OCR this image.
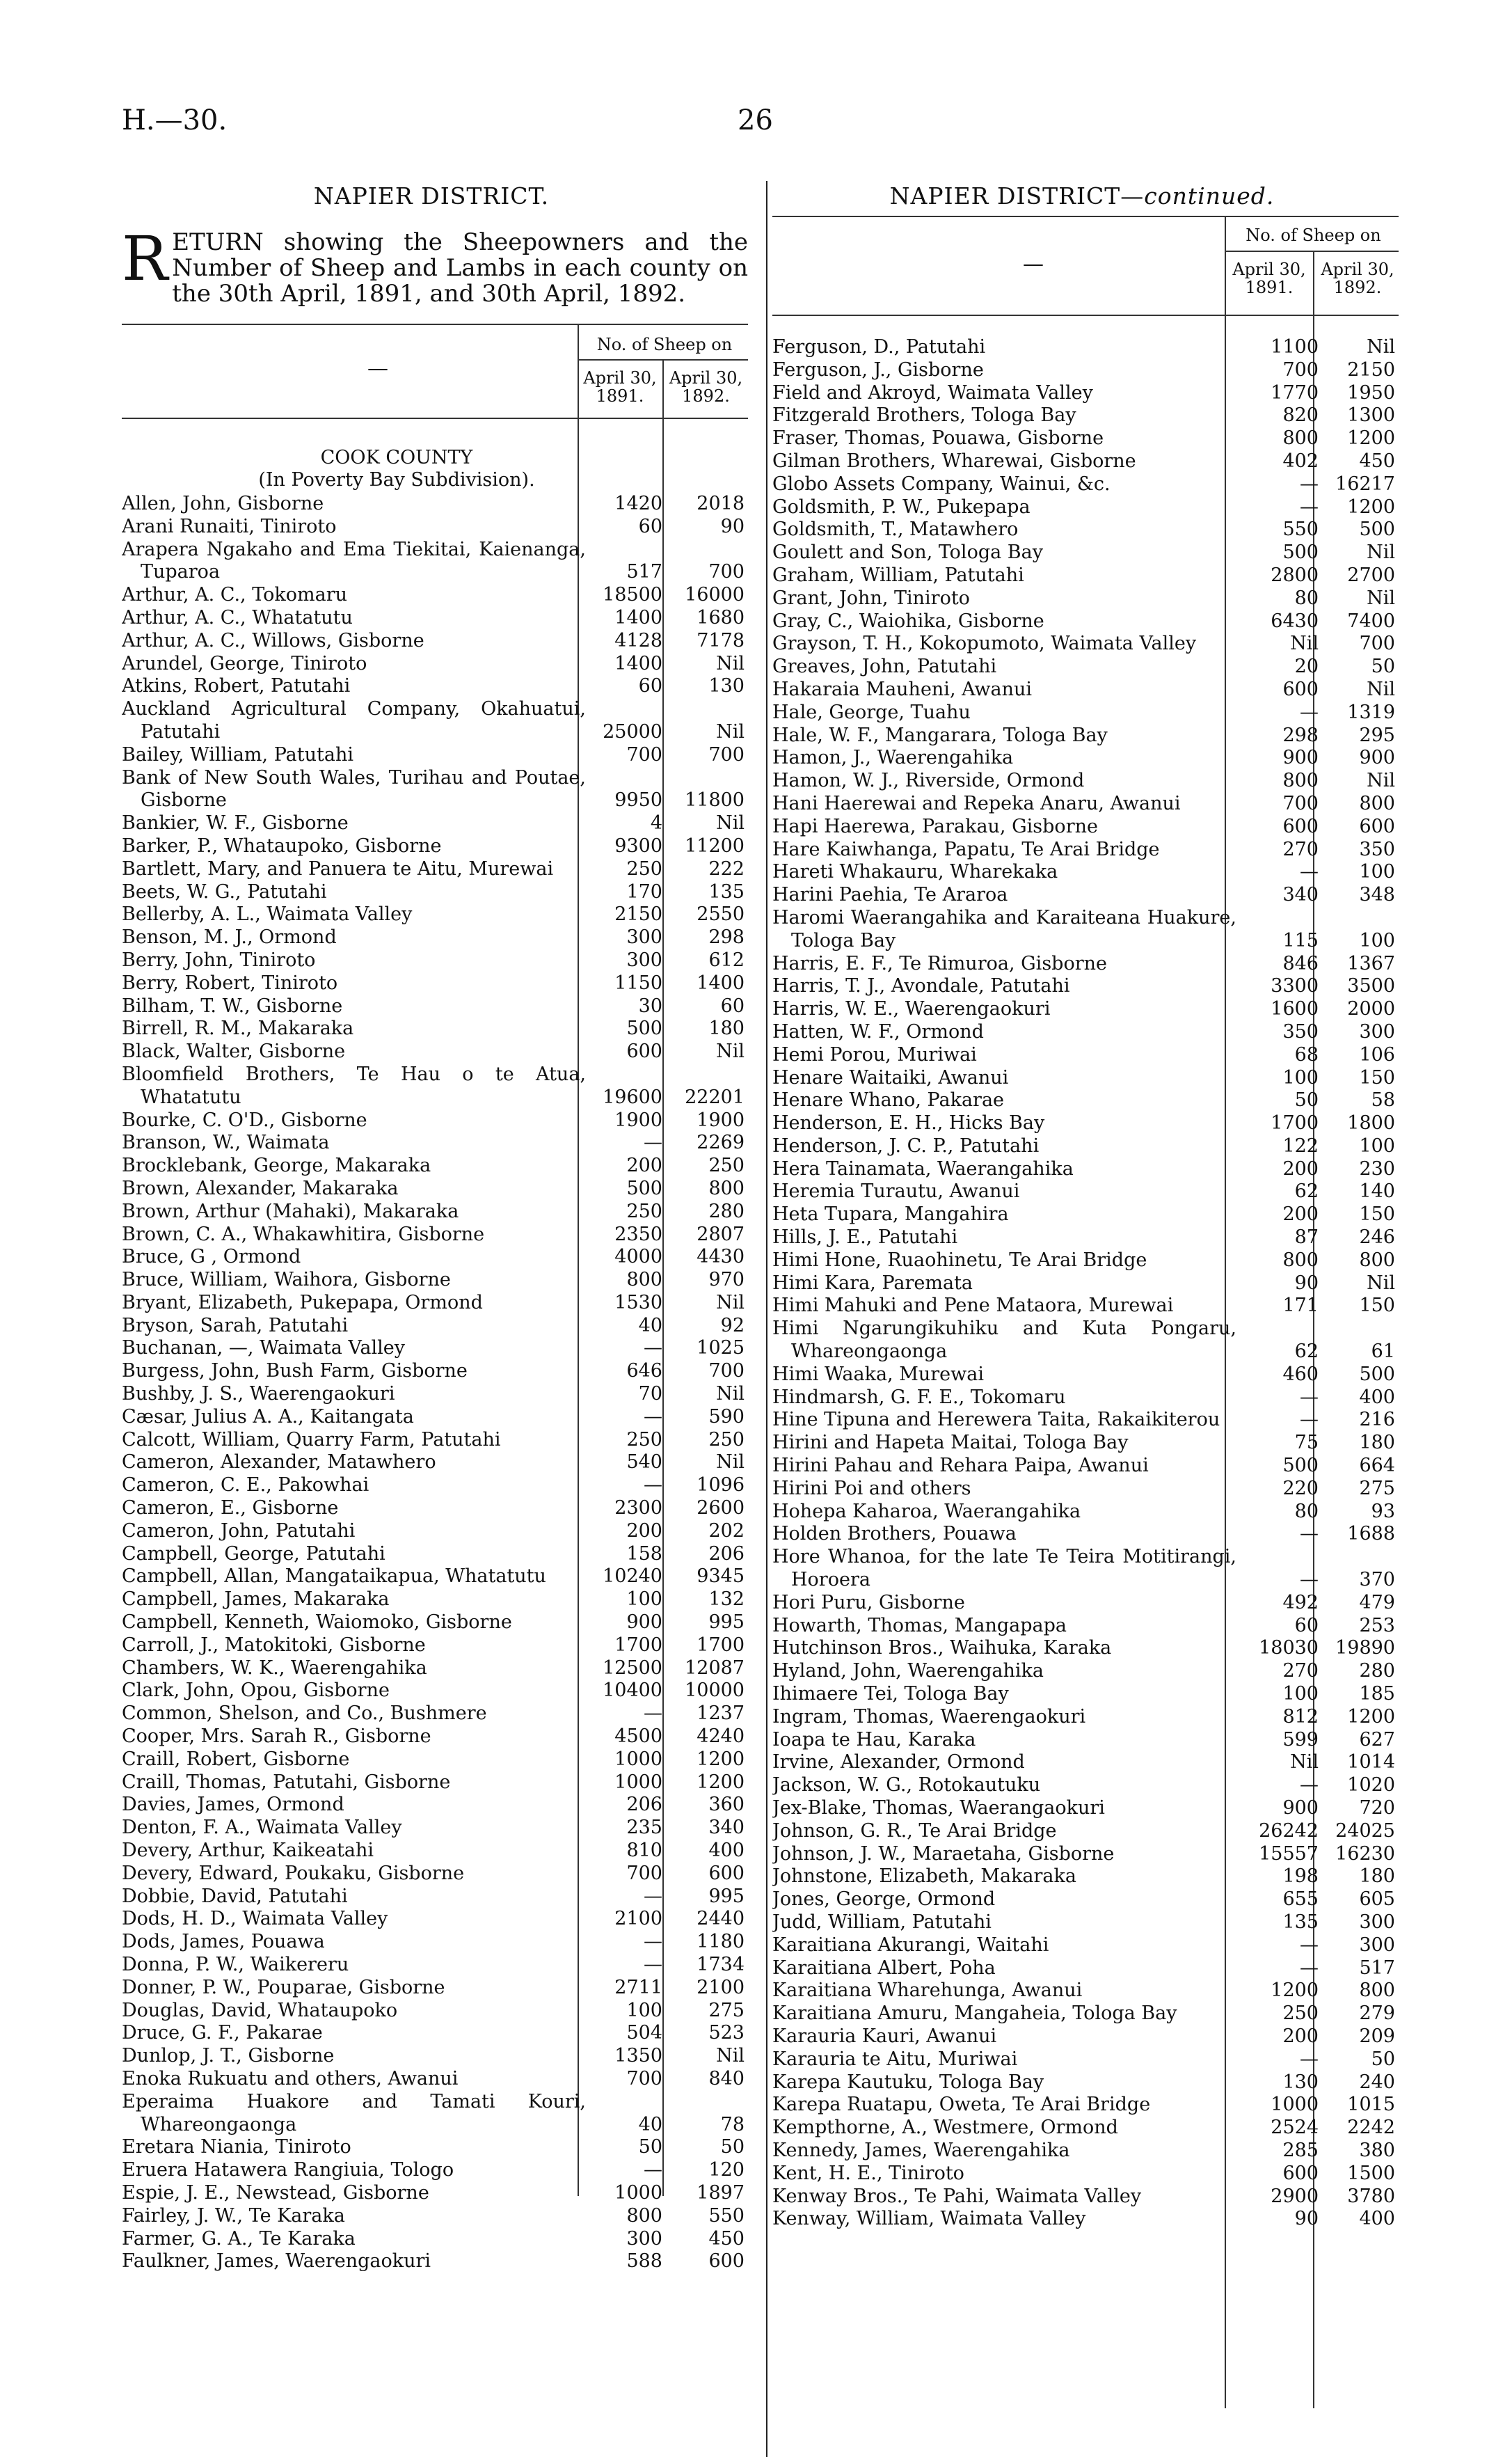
H.—30.	26
NAPIER DISTRICT.
RETURN showing the Sheepowners and the Number of Sheep and Lambs in each county on the 30th April, 1891, and 30th April, 1892.
—
No. of Sheep on
April 30, 1891.
April 30, 1892.
COOK COUNTY
(In Poverty Bay Subdivision).
Allen, John, Gisborne	1420	2018
Arani Runaiti, Tiniroto	60	90
Arapera Ngakaho and Ema Tiekitai, Kaienanga, Tuparoa	517	700
Arthur, A. C., Tokomaru	18500	16000
Arthur, A. C., Whatatutu	1400	1680
Arthur, A. C., Willows, Gisborne	4128	7178
Arundel, George, Tiniroto	1400	Nil
Atkins, Robert, Patutahi	60	130
Auckland Agricultural Company, Okahuatui, Patutahi	25000	Nil
Bailey, William, Patutahi	700	700
Bank of New South Wales, Turihau and Poutae, Gisborne	9950	11800
Bankier, W. F., Gisborne	4	Nil
Barker, P., Whataupoko, Gisborne	9300	11200
Bartlett, Mary, and Panuera te Aitu, Murewai	250	222
Beets, W. G., Patutahi	170	135
Bellerby, A. L., Waimata Valley	2150	2550
Benson, M. J., Ormond	300	298
Berry, John, Tiniroto	300	612
Berry, Robert, Tiniroto	1150	1400
Bilham, T. W., Gisborne	30	60
Birrell, R. M., Makaraka	500	180
Black, Walter, Gisborne	600	Nil
Bloomfield Brothers, Te Hau o te Atua, Whatatutu	19600	22201
Bourke, C. O'D., Gisborne	1900	1900
Branson, W., Waimata	—	2269
Brocklebank, George, Makaraka	200	250
Brown, Alexander, Makaraka	500	800
Brown, Arthur (Mahaki), Makaraka	250	280
Brown, C. A., Whakawhitira, Gisborne	2350	2807
Bruce, G , Ormond	4000	4430
Bruce, William, Waihora, Gisborne	800	970
Bryant, Elizabeth, Pukepapa, Ormond	1530	Nil
Bryson, Sarah, Patutahi	40	92
Buchanan, —, Waimata Valley	—	1025
Burgess, John, Bush Farm, Gisborne	646	700
Bushby, J. S., Waerengaokuri	70	Nil
Cæsar, Julius A. A., Kaitangata	—	590
Calcott, William, Quarry Farm, Patutahi	250	250
Cameron, Alexander, Matawhero	540	Nil
Cameron, C. E., Pakowhai	—	1096
Cameron, E., Gisborne	2300	2600
Cameron, John, Patutahi	200	202
Campbell, George, Patutahi	158	206
Campbell, Allan, Mangataikapua, Whatatutu	10240	9345
Campbell, James, Makaraka	100	132
Campbell, Kenneth, Waiomoko, Gisborne	900	995
Carroll, J., Matokitoki, Gisborne	1700	1700
Chambers, W. K., Waerengahika	12500	12087
Clark, John, Opou, Gisborne	10400	10000
Common, Shelson, and Co., Bushmere	—	1237
Cooper, Mrs. Sarah R., Gisborne	4500	4240
Craill, Robert, Gisborne	1000	1200
Craill, Thomas, Patutahi, Gisborne	1000	1200
Davies, James, Ormond	206	360
Denton, F. A., Waimata Valley	235	340
Devery, Arthur, Kaikeatahi	810	400
Devery, Edward, Poukaku, Gisborne	700	600
Dobbie, David, Patutahi	—	995
Dods, H. D., Waimata Valley	2100	2440
Dods, James, Pouawa	—	1180
Donna, P. W., Waikereru	—	1734
Donner, P. W., Pouparae, Gisborne	2711	2100
Douglas, David, Whataupoko	100	275
Druce, G. F., Pakarae	504	523
Dunlop, J. T., Gisborne	1350	Nil
Enoka Rukuatu and others, Awanui	700	840
Eperaima Huakore and Tamati Kouri, Whareongaonga	40	78
Eretara Niania, Tiniroto	50	50
Eruera Hatawera Rangiuia, Tologo	—	120
Espie, J. E., Newstead, Gisborne	1000	1897
Fairley, J. W., Te Karaka	800	550
Farmer, G. A., Te Karaka	300	450
Faulkner, James, Waerengaokuri	588	600
NAPIER DISTRICT—continued.
—
No. of Sheep on
April 30, 1891.
April 30, 1892.
Ferguson, D., Patutahi	1100	Nil
Ferguson, J., Gisborne	700	2150
Field and Akroyd, Waimata Valley	1770	1950
Fitzgerald Brothers, Tologa Bay	820	1300
Fraser, Thomas, Pouawa, Gisborne	800	1200
Gilman Brothers, Wharewai, Gisborne	402	450
Globo Assets Company, Wainui, &c.	— 16217
Goldsmith, P. W., Pukepapa	—	1200
Goldsmith, T., Matawhero	550	500
Goulett and Son, Tologa Bay	500	Nil
Graham, William, Patutahi	2800	2700
Grant, John, Tiniroto	80	Nil
Gray, C., Waiohika, Gisborne	6430	7400
Grayson, T. H., Kokopumoto, Waimata Valley	Nil	700
Greaves, John, Patutahi	20	50
Hakaraia Mauheni, Awanui	600	Nil
Hale, George, Tuahu	—	1319
Hale, W. F., Mangarara, Tologa Bay	298	295
Hamon, J., Waerengahika	900	900
Hamon, W. J., Riverside, Ormond	800	Nil
Hani Haerewai and Repeka Anaru, Awanui	700	800
Hapi Haerewa, Parakau, Gisborne	600	600
Hare Kaiwhanga, Papatu, Te Arai Bridge	270	350
Hareti Whakauru, Wharekaka	—	100
Harini Paehia, Te Araroa	340	348
Haromi Waerangahika and Karaiteana Huakure, Tologa Bay	115	100
Harris, E. F., Te Rimuroa, Gisborne	846	1367
Harris, T. J., Avondale, Patutahi	3300	3500
Harris, W. E., Waerengaokuri	1600	2000
Hatten, W. F., Ormond	350	300
Hemi Porou, Muriwai	68	106
Henare Waitaiki, Awanui	100	150
Henare Whano, Pakarae	50	58
Henderson, E. H., Hicks Bay	1700	1800
Henderson, J. C. P., Patutahi	122	100
Hera Tainamata, Waerangahika	200	230
Heremia Turautu, Awanui	62	140
Heta Tupara, Mangahira	200	150
Hills, J. E., Patutahi	87	246
Himi Hone, Ruaohinetu, Te Arai Bridge	800	800
Himi Kara, Paremata	90	Nil
Himi Mahuki and Pene Mataora, Murewai	171	150
Himi Ngarungikuhiku and Kuta Pongaru, Whareongaonga	62	61
Himi Waaka, Murewai	460	500
Hindmarsh, G. F. E., Tokomaru	—	400
Hine Tipuna and Herewera Taita, Rakaikiterou	—	216
Hirini and Hapeta Maitai, Tologa Bay	75	180
Hirini Pahau and Rehara Paipa, Awanui	500	664
Hirini Poi and others	220	275
Hohepa Kaharoa, Waerangahika	80	93
Holden Brothers, Pouawa	—	1688
Hore Whanoa, for the late Te Teira Motitirangi, Horoera	—	370
Hori Puru, Gisborne	492	479
Howarth, Thomas, Mangapapa	60	253
Hutchinson Bros., Waihuka, Karaka	18030 19890
Hyland, John, Waerengahika	270	280
Ihimaere Tei, Tologa Bay	100	185
Ingram, Thomas, Waerengaokuri	812	1200
Ioapa te Hau, Karaka	599	627
Irvine, Alexander, Ormond	Nil	1014
Jackson, W. G., Rotokautuku	—	1020
Jex-Blake, Thomas, Waerangaokuri	900	720
Johnson, G. R., Te Arai Bridge	26242 24025
Johnson, J. W., Maraetaha, Gisborne	15557 16230
Johnstone, Elizabeth, Makaraka	198	180
Jones, George, Ormond	655	605
Judd, William, Patutahi	135	300
Karaitiana Akurangi, Waitahi	—	300
Karaitiana Albert, Poha	—	517
Karaitiana Wharehunga, Awanui	1200	800
Karaitiana Amuru, Mangaheia, Tologa Bay	250	279
Karauria Kauri, Awanui	200	209
Karauria te Aitu, Muriwai	—	50
Karepa Kautuku, Tologa Bay	130	240
Karepa Ruatapu, Oweta, Te Arai Bridge	1000	1015
Kempthorne, A., Westmere, Ormond	2524	2242
Kennedy, James, Waerengahika	285	380
Kent, H. E., Tiniroto	600	1500
Kenway Bros., Te Pahi, Waimata Valley	2900	3780
Kenway, William, Waimata Valley	90	400
